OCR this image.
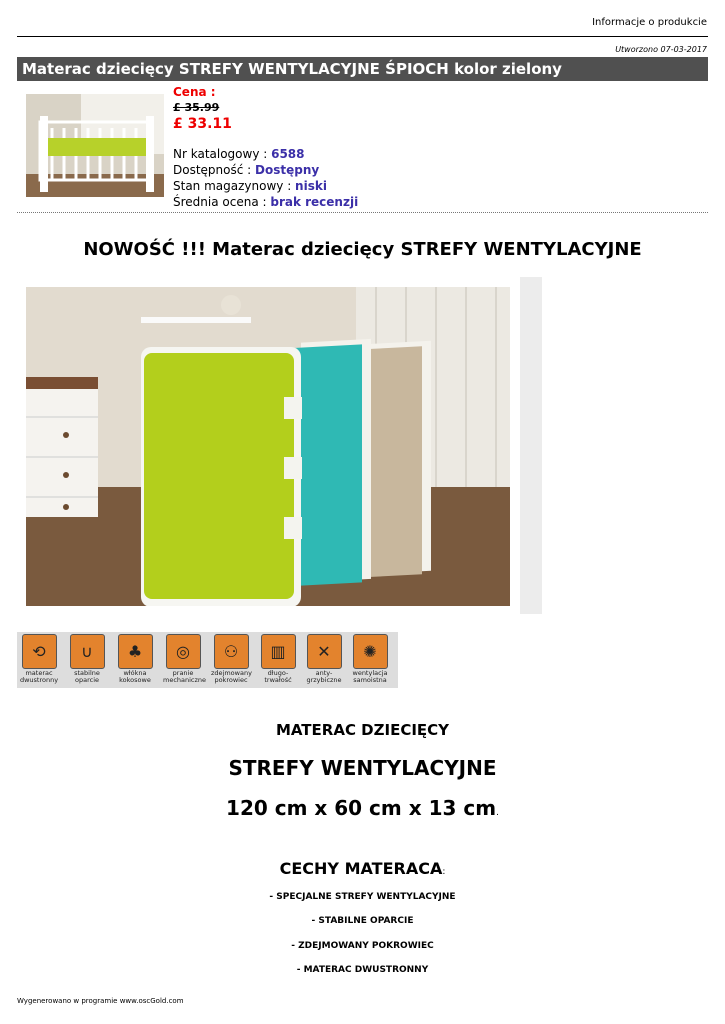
Informacje o produkcie
Utworzono 07-03-2017
Materac dziecięcy STREFY WENTYLACYJNE ŚPIOCH kolor zielony
Cena :
£ 35.99
£ 33.11
Nr katalogowy : 6588
Dostępność : Dostępny
Stan magazynowy : niski
Średnia ocena : brak recenzji
NOWOŚĆ !!! Materac dziecięcy STREFY WENTYLACYJNE
⟲
materac
dwustronny
∪
stabilne
oparcie
♣
włókna
kokosowe
◎
pranie
mechaniczne
⚇
zdejmowany
pokrowiec
▥
długo-
trwałość
✕
anty-
grzybiczne
✺
wentylacja
samoistna
MATERAC DZIECIĘCY
STREFY WENTYLACYJNE
120 cm x 60 cm x 13 cm.
CECHY MATERACA:
- SPECJALNE STREFY WENTYLACYJNE
- STABILNE OPARCIE
- ZDEJMOWANY POKROWIEC
- MATERAC DWUSTRONNY
Wygenerowano w programie www.oscGold.com
